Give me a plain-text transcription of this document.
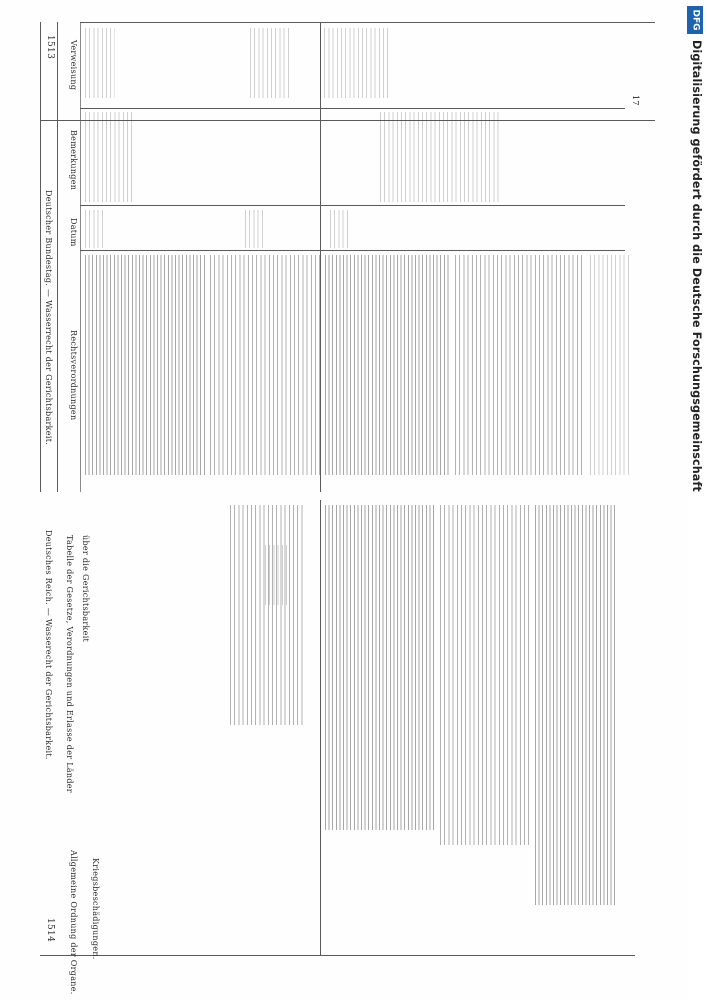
1514
Deutsches Reich. — Wasserecht der Gerichtsbarkeit.
Allgemeine Ordnung der Organe.
Tabelle der Gesetze, Verordnungen und Erlasse der Länder über die Gerichtsbarkeit
Kriegsbeschädigungen.
1513
Deutscher Bundestag. — Wasserrecht der Gerichtsbarkeit. Rechtsverordnungen
Datum
Bemerkungen
Verweisung
17
DFG
Digitalisierung gefördert durch die Deutsche Forschungsgemeinschaft
